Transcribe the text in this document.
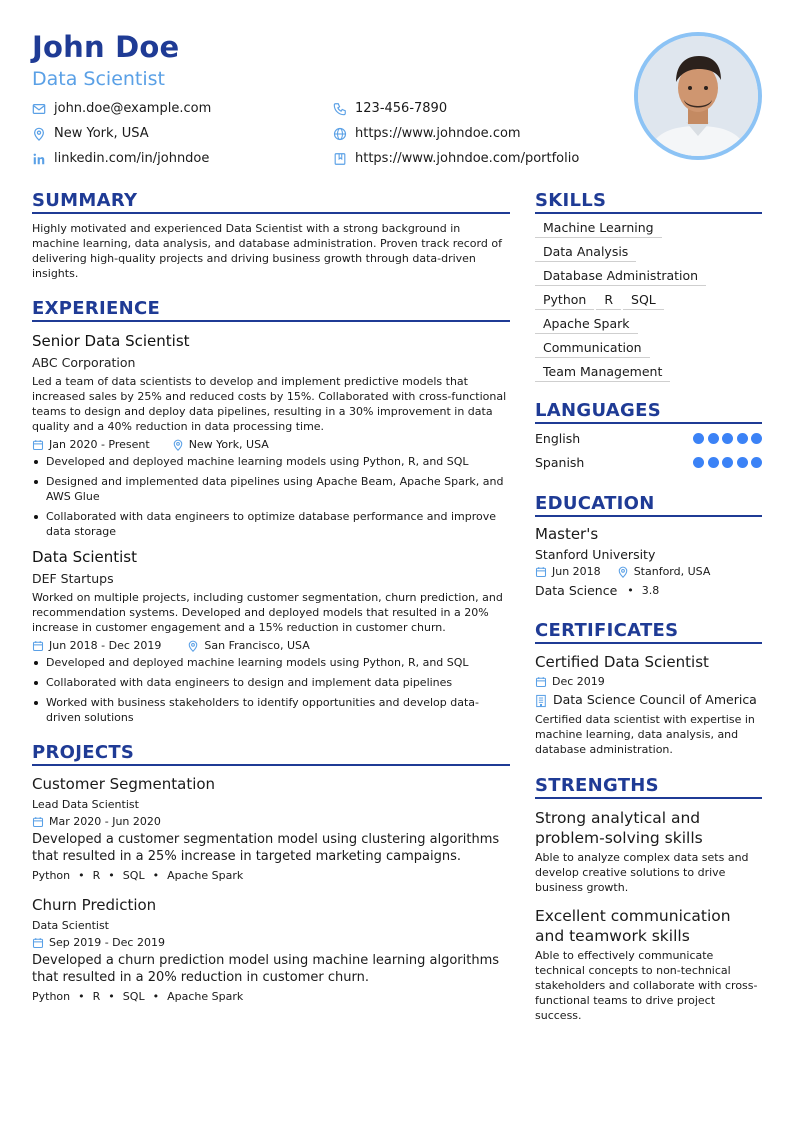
John Doe
Data Scientist
john.doe@example.com	123-456-7890
New York, USA	https://www.johndoe.com
linkedin.com/in/johndoe	https://www.johndoe.com/portfolio
SUMMARY
Highly motivated and experienced Data Scientist with a strong background in machine learning, data analysis, and database administration. Proven track record of delivering high-quality projects and driving business growth through data-driven insights.
EXPERIENCE
Senior Data Scientist
ABC Corporation
Led a team of data scientists to develop and implement predictive models that increased sales by 25% and reduced costs by 15%. Collaborated with cross-functional teams to design and deploy data pipelines, resulting in a 30% improvement in data quality and a 40% reduction in data processing time.
Jan 2020 - Present	New York, USA
Developed and deployed machine learning models using Python, R, and SQL
Designed and implemented data pipelines using Apache Beam, Apache Spark, and AWS Glue
Collaborated with data engineers to optimize database performance and improve data storage
Data Scientist
DEF Startups
Worked on multiple projects, including customer segmentation, churn prediction, and recommendation systems. Developed and deployed models that resulted in a 20% increase in customer engagement and a 15% reduction in customer churn.
Jun 2018 - Dec 2019	San Francisco, USA
Developed and deployed machine learning models using Python, R, and SQL
Collaborated with data engineers to design and implement data pipelines
Worked with business stakeholders to identify opportunities and develop data-driven solutions
PROJECTS
Customer Segmentation
Lead Data Scientist
Mar 2020 - Jun 2020
Developed a customer segmentation model using clustering algorithms that resulted in a 25% increase in targeted marketing campaigns.
Python • R • SQL • Apache Spark
Churn Prediction
Data Scientist
Sep 2019 - Dec 2019
Developed a churn prediction model using machine learning algorithms that resulted in a 20% reduction in customer churn.
Python • R • SQL • Apache Spark
SKILLS
Machine Learning
Data Analysis
Database Administration
Python	R	SQL
Apache Spark
Communication
Team Management
LANGUAGES
English
Spanish
EDUCATION
Master's
Stanford University
Jun 2018	Stanford, USA
Data Science • 3.8
CERTIFICATES
Certified Data Scientist
Dec 2019
Data Science Council of America
Certified data scientist with expertise in machine learning, data analysis, and database administration.
STRENGTHS
Strong analytical and problem-solving skills
Able to analyze complex data sets and develop creative solutions to drive business growth.
Excellent communication and teamwork skills
Able to effectively communicate technical concepts to non-technical stakeholders and collaborate with cross-functional teams to drive project success.
